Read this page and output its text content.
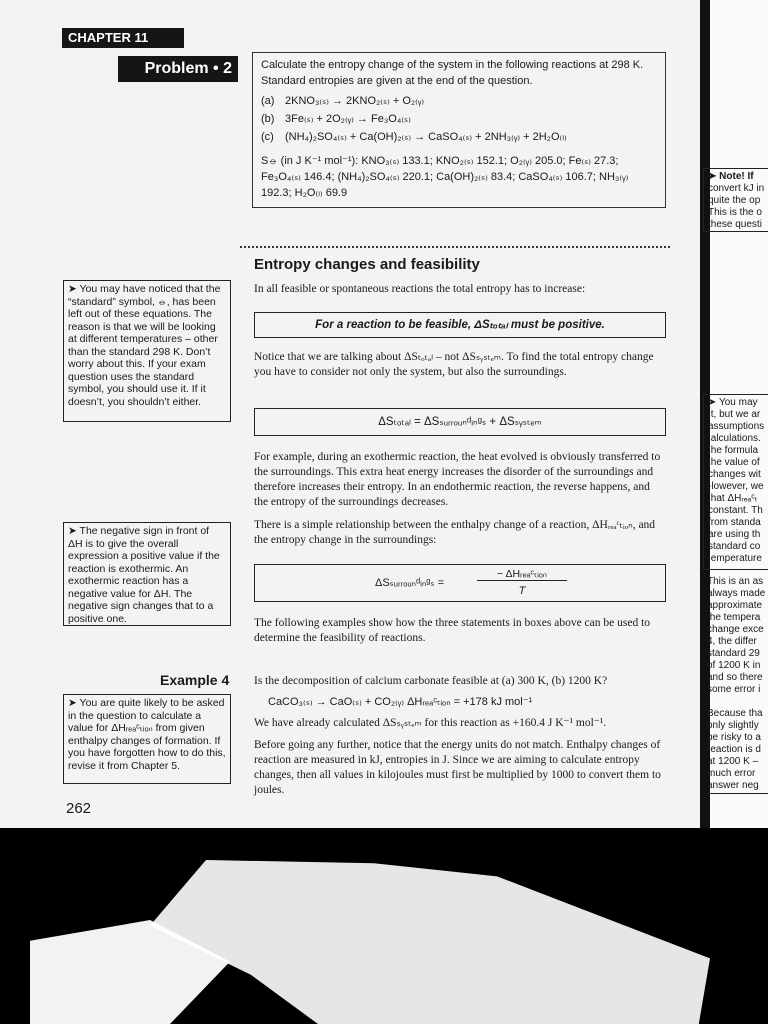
CHAPTER 11
Problem • 2	Calculate the entropy change of the system in the following reactions at 298 K. Standard entropies are given at the end of the question.

(a) 2KNO₃₍ₛ₎ → 2KNO₂₍ₛ₎ + O₂₍ᵧ₎
(b) 3Fe₍ₛ₎ + 2O₂₍ᵧ₎ → Fe₃O₄₍ₛ₎
(c) (NH₄)₂SO₄₍ₛ₎ + Ca(OH)₂₍ₛ₎ → CaSO₄₍ₛ₎ + 2NH₃₍ᵧ₎ + 2H₂O₍ₗ₎
S⦵ (in J K⁻¹ mol⁻¹): KNO₃₍ₛ₎ 133.1; KNO₂₍ₛ₎ 152.1; O₂₍ᵧ₎ 205.0; Fe₍ₛ₎ 27.3; Fe₃O₄₍ₛ₎ 146.4; (NH₄)₂SO₄₍ₛ₎ 220.1; Ca(OH)₂₍ₛ₎ 83.4; CaSO₄₍ₛ₎ 106.7; NH₃₍ᵧ₎ 192.3; H₂O₍ₗ₎ 69.9
Entropy changes and feasibility

In all feasible or spontaneous reactions the total entropy has to increase:

For a reaction to be feasible, ΔSₜₒₜₐₗ must be positive.

Notice that we are talking about ΔSₜₒₜₐₗ – not ΔSₛᵧₛₜₑₘ. To find the total entropy change you have to consider not only the system, but also the surroundings.

ΔSₜₒₜₐₗ = ΔSₛᵤᵣᵣₒᵤₙᵈᵢₙᵍₛ + ΔSₛᵧₛₜₑₘ

For example, during an exothermic reaction, the heat evolved is obviously transferred to the surroundings. This extra heat energy increases the disorder of the surroundings and therefore increases their entropy. In an endothermic reaction, the reverse happens, and the entropy of the surroundings decreases.

There is a simple relationship between the enthalpy change of a reaction, ΔHᵣₑₐᶜₜᵢₒₙ, and the entropy change in the surroundings:

ΔSₛᵤᵣᵣₒᵤₙᵈᵢₙᵍₛ =
− ΔHᵣₑₐᶜₜᵢₒₙ
T

The following examples show how the three statements in boxes above can be used to determine the feasibility of reactions.

Example 4 Is the decomposition of calcium carbonate feasible at (a) 300 K, (b) 1200 K?

CaCO₃₍ₛ₎ → CaO₍ₛ₎ + CO₂₍ᵧ₎ ΔHᵣₑₐᶜₜᵢₒₙ = +178 kJ mol⁻¹

We have already calculated ΔSₛᵧₛₜₑₘ for this reaction as +160.4 J K⁻¹ mol⁻¹.

Before going any further, notice that the energy units do not match. Enthalpy changes of reaction are measured in kJ, entropies in J. Since we are aiming to calculate entropy changes, then all values in kilojoules must first be multiplied by 1000 to convert them to joules.

➤ You may have noticed that the “standard” symbol, ⦵, has been left out of these equations. The reason is that we will be looking at different temperatures – other than the standard 298 K. Don’t worry about this. If your exam question uses the standard symbol, you should use it. If it doesn’t, you shouldn’t either.
➤ The negative sign in front of ΔH is to give the overall expression a positive value if the reaction is exothermic. An exothermic reaction has a negative value for ΔH. The negative sign changes that to a positive one.
➤ You are quite likely to be asked in the question to calculate a value for ΔHᵣₑₐᶜₜᵢₒₙ from given enthalpy changes of formation. If you have forgotten how to do this, revise it from Chapter 5.
262
➤ Note! If
convert kJ in
quite the op
This is the o
these questi
➤ You may
:t, but we ar
assumptions
:alculations.
:he formula
:he value of
changes wit
-lowever, we
:hat ΔHᵣₑₐᶜₜ
constant. Th
from standa
are using th
standard co
:emperature
This is an as
always made
approximate
:he tempera
change exce
4, the differ
standard 29
of 1200 K in
and so there
some error i
Because tha
only slightly
pe risky to a
reaction is d
at 1200 K –
much error
answer neg
